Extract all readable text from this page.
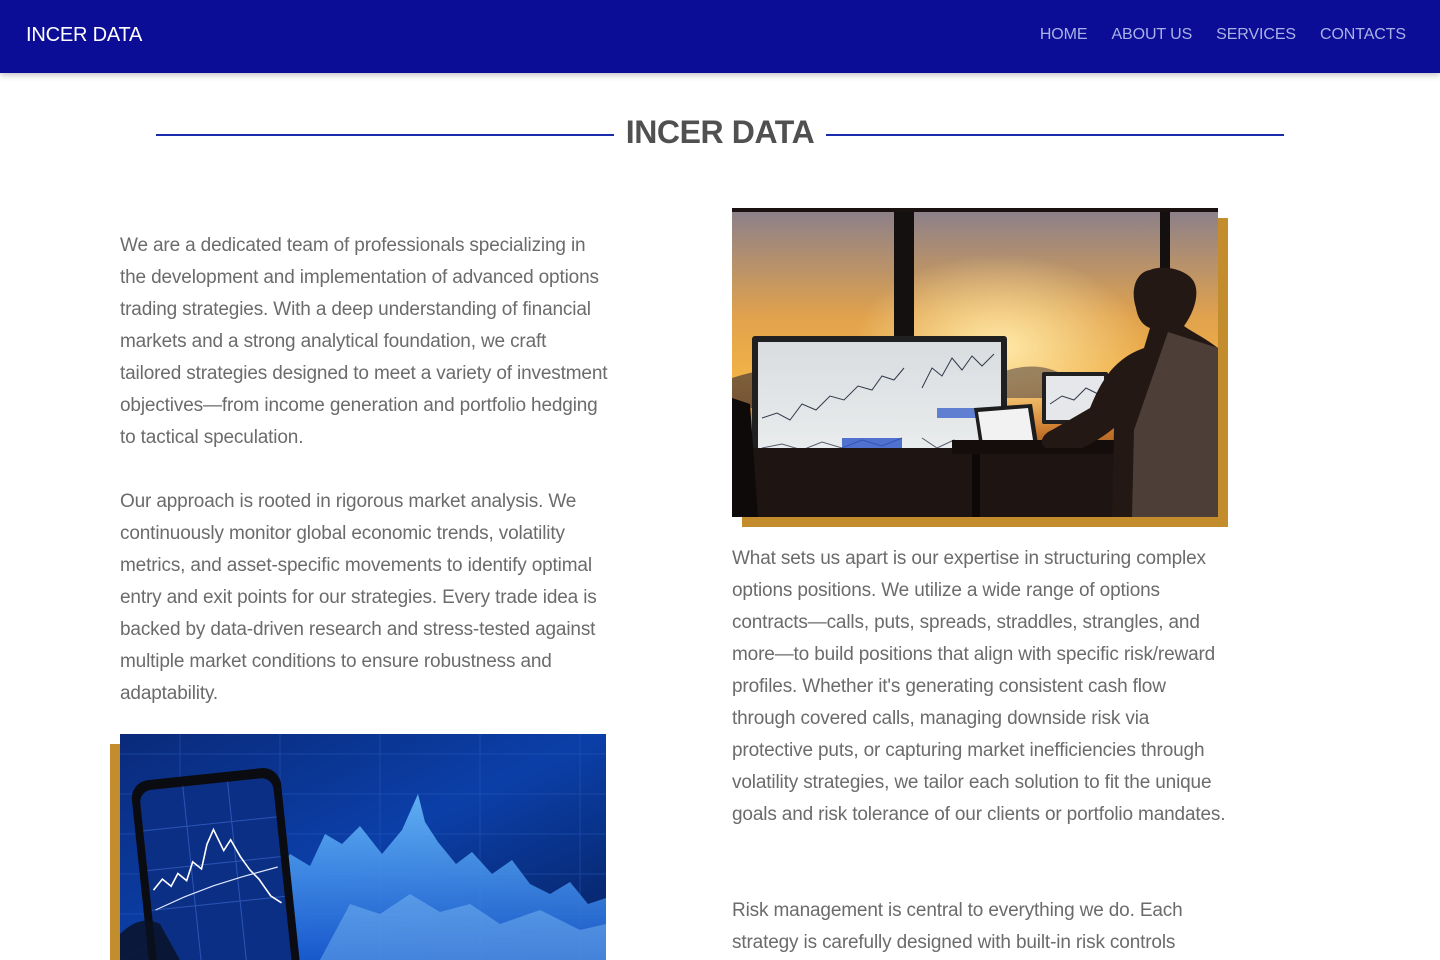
INCER DATA	HOME ABOUT US SERVICES CONTACTS
INCER DATA

We are a dedicated team of professionals specializing in the development and implementation of advanced options trading strategies. With a deep understanding of financial markets and a strong analytical foundation, we craft tailored strategies designed to meet a variety of investment objectives—from income generation and portfolio hedging to tactical speculation.

Our approach is rooted in rigorous market analysis. We continuously monitor global economic trends, volatility metrics, and asset-specific movements to identify optimal entry and exit points for our strategies. Every trade idea is backed by data-driven research and stress-tested against multiple market conditions to ensure robustness and adaptability.

What sets us apart is our expertise in structuring complex options positions. We utilize a wide range of options contracts—calls, puts, spreads, straddles, strangles, and more—to build positions that align with specific risk/reward profiles. Whether it's generating consistent cash flow through covered calls, managing downside risk via protective puts, or capturing market inefficiencies through volatility strategies, we tailor each solution to fit the unique goals and risk tolerance of our clients or portfolio mandates.

Risk management is central to everything we do. Each strategy is carefully designed with built-in risk controls
